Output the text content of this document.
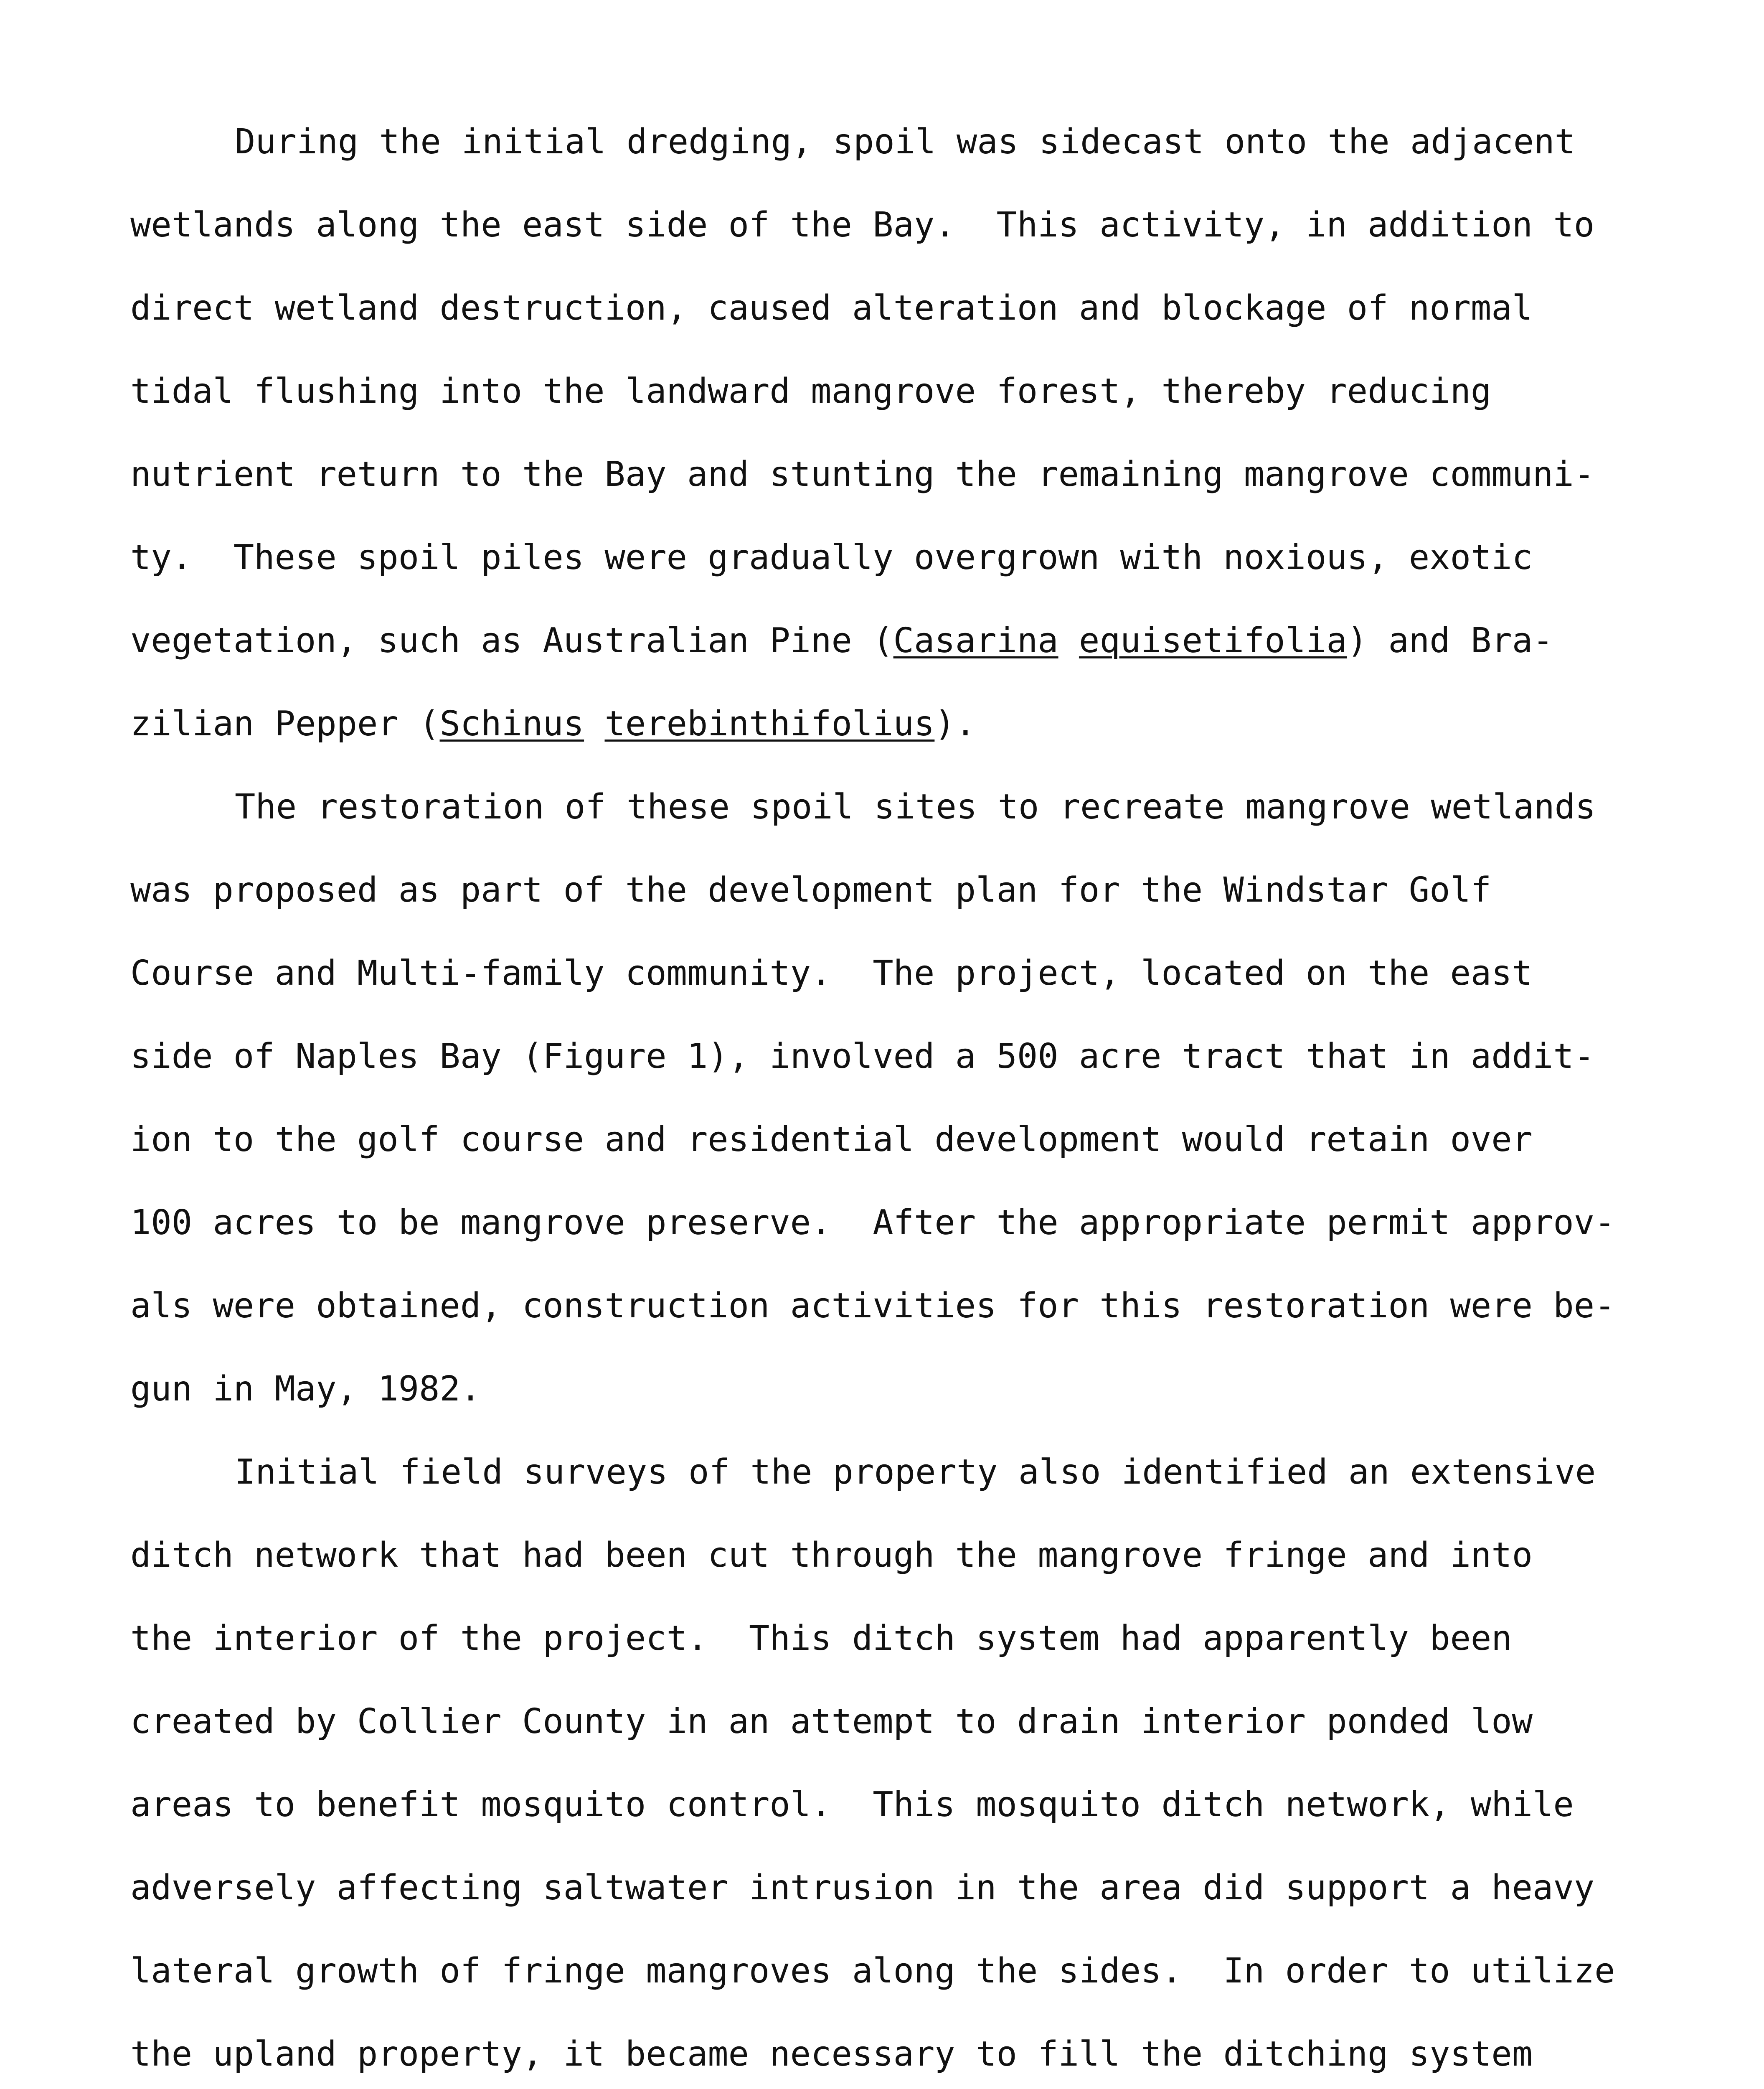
During the initial dredging, spoil was sidecast onto the adjacent
wetlands along the east side of the Bay.  This activity, in addition to
direct wetland destruction, caused alteration and blockage of normal
tidal flushing into the landward mangrove forest, thereby reducing
nutrient return to the Bay and stunting the remaining mangrove communi-
ty.  These spoil piles were gradually overgrown with noxious, exotic
vegetation, such as Australian Pine (Casarina equisetifolia) and Bra-
zilian Pepper (Schinus terebinthifolius).
The restoration of these spoil sites to recreate mangrove wetlands
was proposed as part of the development plan for the Windstar Golf
Course and Multi-family community.  The project, located on the east
side of Naples Bay (Figure 1), involved a 500 acre tract that in addit-
ion to the golf course and residential development would retain over
100 acres to be mangrove preserve.  After the appropriate permit approv-
als were obtained, construction activities for this restoration were be-
gun in May, 1982.
Initial field surveys of the property also identified an extensive
ditch network that had been cut through the mangrove fringe and into
the interior of the project.  This ditch system had apparently been
created by Collier County in an attempt to drain interior ponded low
areas to benefit mosquito control.  This mosquito ditch network, while
adversely affecting saltwater intrusion in the area did support a heavy
lateral growth of fringe mangroves along the sides.  In order to utilize
the upland property, it became necessary to fill the ditching system
